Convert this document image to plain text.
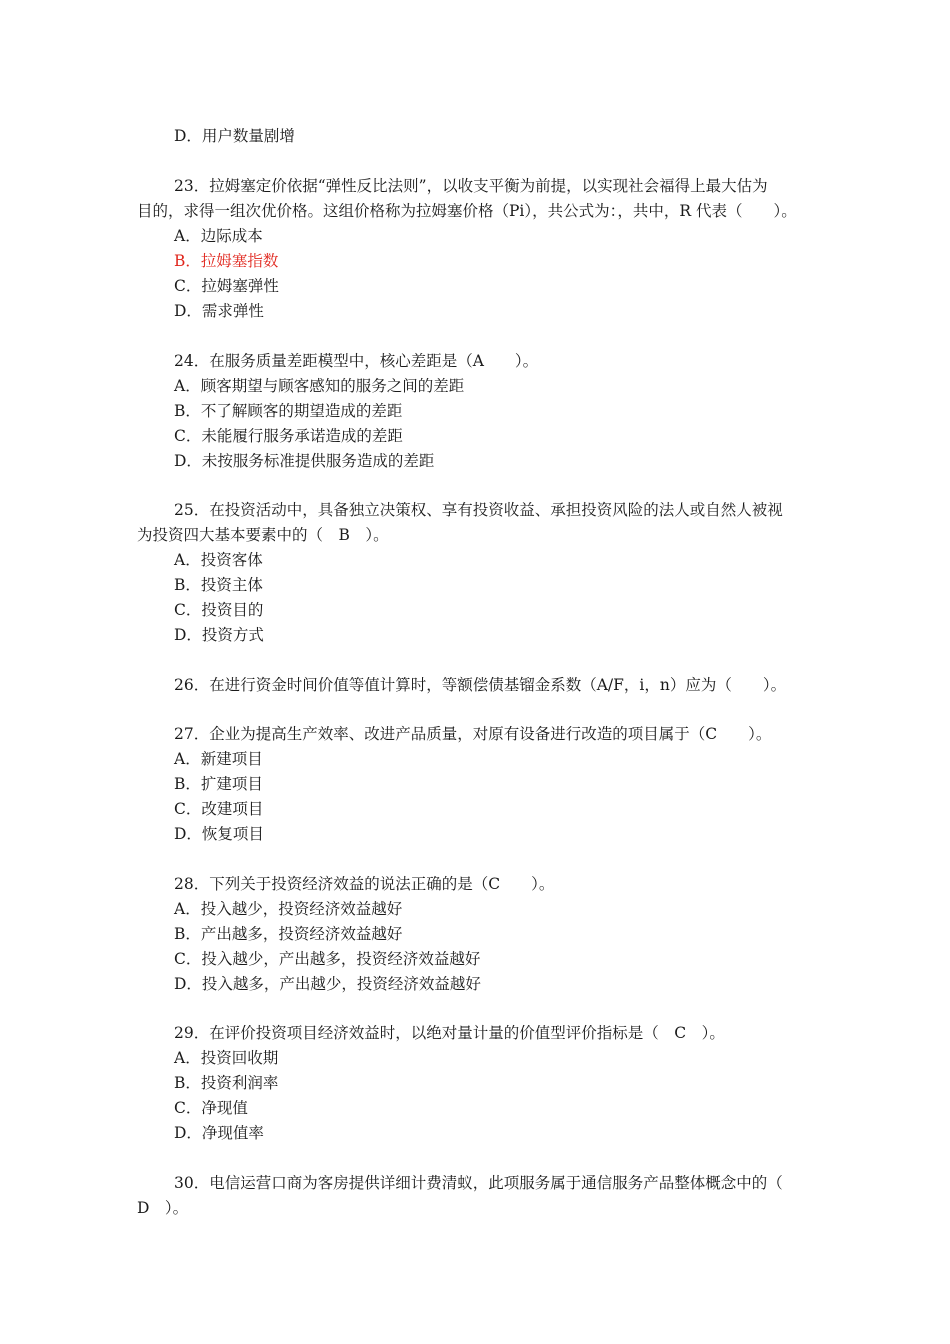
D．用户数量剧增
23．拉姆塞定价依据“弹性反比法则”，以收支平衡为前提，以实现社会福得上最大估为
目的，求得一组次优价格。这组价格称为拉姆塞价格（Pi），共公式为：，共中，R 代表（　　）。
A．边际成本
B．拉姆塞指数
C．拉姆塞弹性
D．需求弹性
24．在服务质量差距模型中，核心差距是（A　　）。
A．顾客期望与顾客感知的服务之间的差距
B．不了解顾客的期望造成的差距
C．未能履行服务承诺造成的差距
D．未按服务标准提供服务造成的差距
25．在投资活动中，具备独立决策权、享有投资收益、承担投资风险的法人或自然人被视
为投资四大基本要素中的（　B　）。
A．投资客体
B．投资主体
C．投资目的
D．投资方式
26．在进行资金时间价值等值计算时，等额偿债基镏金系数（A/F，i，n）应为（　　）。
27．企业为提高生产效率、改进产品质量，对原有设备进行改造的项目属于（C　　）。
A．新建项目
B．扩建项目
C．改建项目
D．恢复项目
28．下列关于投资经济效益的说法正确的是（C　　）。
A．投入越少，投资经济效益越好
B．产出越多，投资经济效益越好
C．投入越少，产出越多，投资经济效益越好
D．投入越多，产出越少，投资经济效益越好
29．在评价投资项目经济效益时，以绝对量计量的价值型评价指标是（　C　）。
A．投资回收期
B．投资利润率
C．净现值
D．净现值率
30．电信运营口商为客房提供详细计费清蚁，此项服务属于通信服务产品整体概念中的（
D　）。
